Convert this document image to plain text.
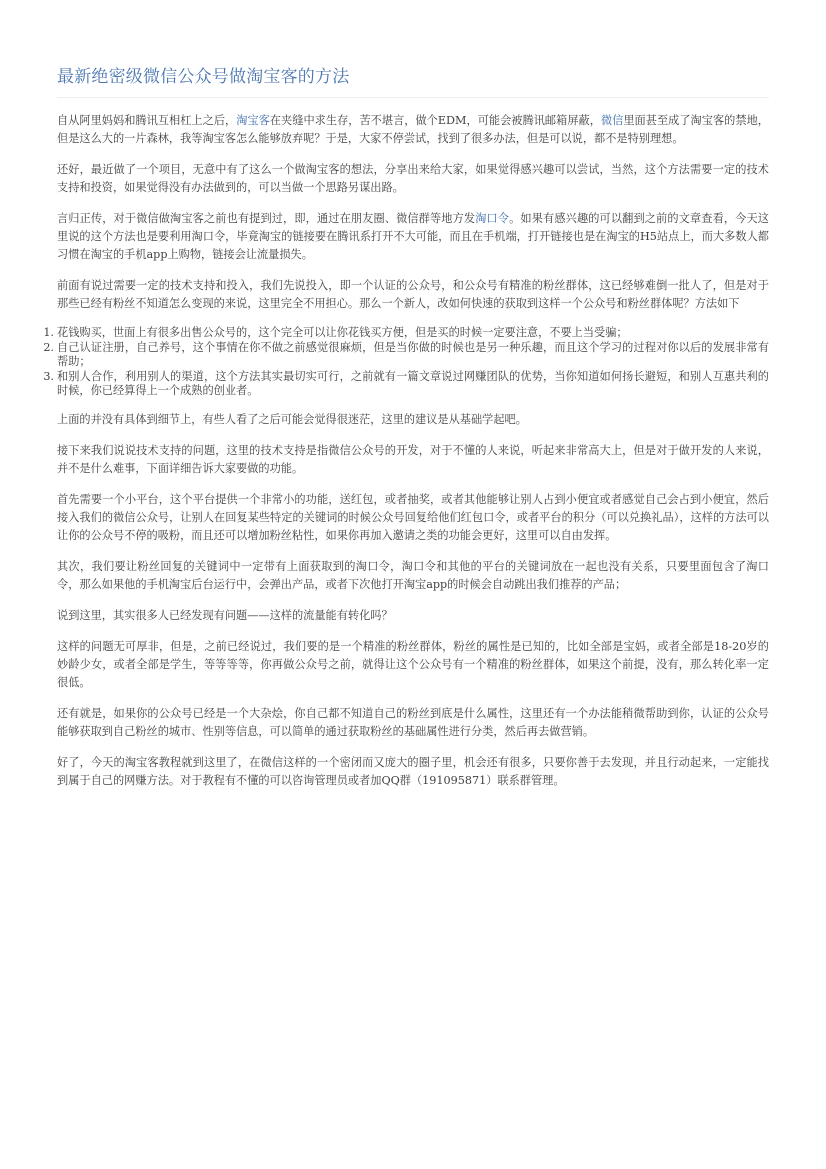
最新绝密级微信公众号做淘宝客的方法

自从阿里妈妈和腾讯互相杠上之后，淘宝客在夹缝中求生存，苦不堪言，做个EDM，可能会被腾讯邮箱屏蔽，微信里面甚至成了淘宝客的禁地，但是这么大的一片森林，我等淘宝客怎么能够放弃呢？于是，大家不停尝试，找到了很多办法，但是可以说，都不是特别理想。

还好，最近做了一个项目，无意中有了这么一个做淘宝客的想法，分享出来给大家，如果觉得感兴趣可以尝试，当然，这个方法需要一定的技术支持和投资，如果觉得没有办法做到的，可以当做一个思路另谋出路。

言归正传，对于微信做淘宝客之前也有提到过，即，通过在朋友圈、微信群等地方发淘口令。如果有感兴趣的可以翻到之前的文章查看，今天这里说的这个方法也是要利用淘口令，毕竟淘宝的链接要在腾讯系打开不大可能，而且在手机端，打开链接也是在淘宝的H5站点上，而大多数人都习惯在淘宝的手机app上购物，链接会让流量损失。

前面有说过需要一定的技术支持和投入，我们先说投入，即一个认证的公众号，和公众号有精准的粉丝群体，这已经够难倒一批人了，但是对于那些已经有粉丝不知道怎么变现的来说，这里完全不用担心。那么一个新人，改如何快速的获取到这样一个公众号和粉丝群体呢？方法如下

1. 花钱购买，世面上有很多出售公众号的，这个完全可以让你花钱买方便，但是买的时候一定要注意，不要上当受骗；
2. 自己认证注册，自己养号，这个事情在你不做之前感觉很麻烦，但是当你做的时候也是另一种乐趣，而且这个学习的过程对你以后的发展非常有帮助；
3. 和别人合作，利用别人的渠道，这个方法其实最切实可行，之前就有一篇文章说过网赚团队的优势，当你知道如何扬长避短，和别人互惠共利的时候，你已经算得上一个成熟的创业者。

上面的并没有具体到细节上，有些人看了之后可能会觉得很迷茫，这里的建议是从基础学起吧。

接下来我们说说技术支持的问题，这里的技术支持是指微信公众号的开发，对于不懂的人来说，听起来非常高大上，但是对于做开发的人来说，并不是什么难事，下面详细告诉大家要做的功能。

首先需要一个小平台，这个平台提供一个非常小的功能，送红包，或者抽奖，或者其他能够让别人占到小便宜或者感觉自己会占到小便宜，然后接入我们的微信公众号，让别人在回复某些特定的关键词的时候公众号回复给他们红包口令，或者平台的积分（可以兑换礼品），这样的方法可以让你的公众号不停的吸粉，而且还可以增加粉丝粘性，如果你再加入邀请之类的功能会更好，这里可以自由发挥。

其次，我们要让粉丝回复的关键词中一定带有上面获取到的淘口令，淘口令和其他的平台的关键词放在一起也没有关系，只要里面包含了淘口令，那么如果他的手机淘宝后台运行中，会弹出产品，或者下次他打开淘宝app的时候会自动跳出我们推荐的产品；

说到这里，其实很多人已经发现有问题——这样的流量能有转化吗？

这样的问题无可厚非，但是，之前已经说过，我们要的是一个精准的粉丝群体，粉丝的属性是已知的，比如全部是宝妈，或者全部是18-20岁的妙龄少女，或者全部是学生，等等等等，你再做公众号之前，就得让这个公众号有一个精准的粉丝群体，如果这个前提，没有，那么转化率一定很低。

还有就是，如果你的公众号已经是一个大杂烩，你自己都不知道自己的粉丝到底是什么属性，这里还有一个办法能稍微帮助到你，认证的公众号能够获取到自己粉丝的城市、性别等信息，可以简单的通过获取粉丝的基础属性进行分类，然后再去做营销。

好了，今天的淘宝客教程就到这里了，在微信这样的一个密闭而又庞大的圈子里，机会还有很多，只要你善于去发现，并且行动起来，一定能找到属于自己的网赚方法。对于教程有不懂的可以咨询管理员或者加QQ群（191095871）联系群管理。
